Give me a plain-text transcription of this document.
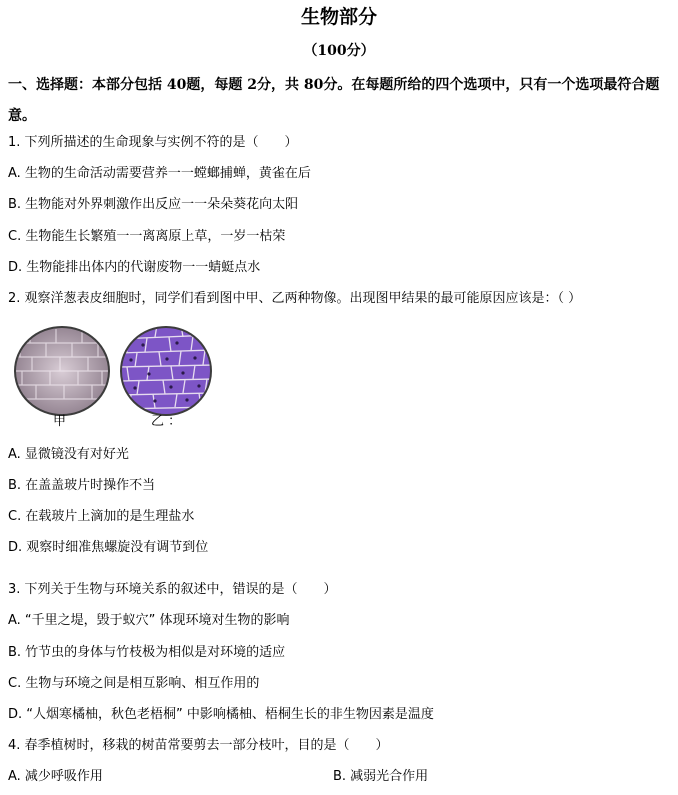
生物部分
（100分）
一、选择题：本部分包括 40题，每题 2分，共 80分。在每题所给的四个选项中，只有一个选项最符合题意。
1. 下列所描述的生命现象与实例不符的是（　　）
A. 生物的生命活动需要营养一一螳螂捕蝉，黄雀在后
B. 生物能对外界刺激作出反应一一朵朵葵花向太阳
C. 生物能生长繁殖一一离离原上草，一岁一枯荣
D. 生物能排出体内的代谢废物一一蜻蜓点水
2. 观察洋葱表皮细胞时，同学们看到图中甲、乙两种物像。出现图甲结果的最可能原因应该是：（ ）
甲	乙 ：
A. 显微镜没有对好光
B. 在盖盖玻片时操作不当
C. 在载玻片上滴加的是生理盐水
D. 观察时细准焦螺旋没有调节到位
3. 下列关于生物与环境关系的叙述中，错误的是（　　）
A. “千里之堤，毁于蚁穴” 体现环境对生物的影响
B. 竹节虫的身体与竹枝极为相似是对环境的适应
C. 生物与环境之间是相互影响、相互作用的
D. “人烟寒橘柚，秋色老梧桐” 中影响橘柚、梧桐生长的非生物因素是温度
4. 春季植树时，移栽的树苗常要剪去一部分枝叶，目的是（　　）
A. 减少呼吸作用	B. 减弱光合作用
